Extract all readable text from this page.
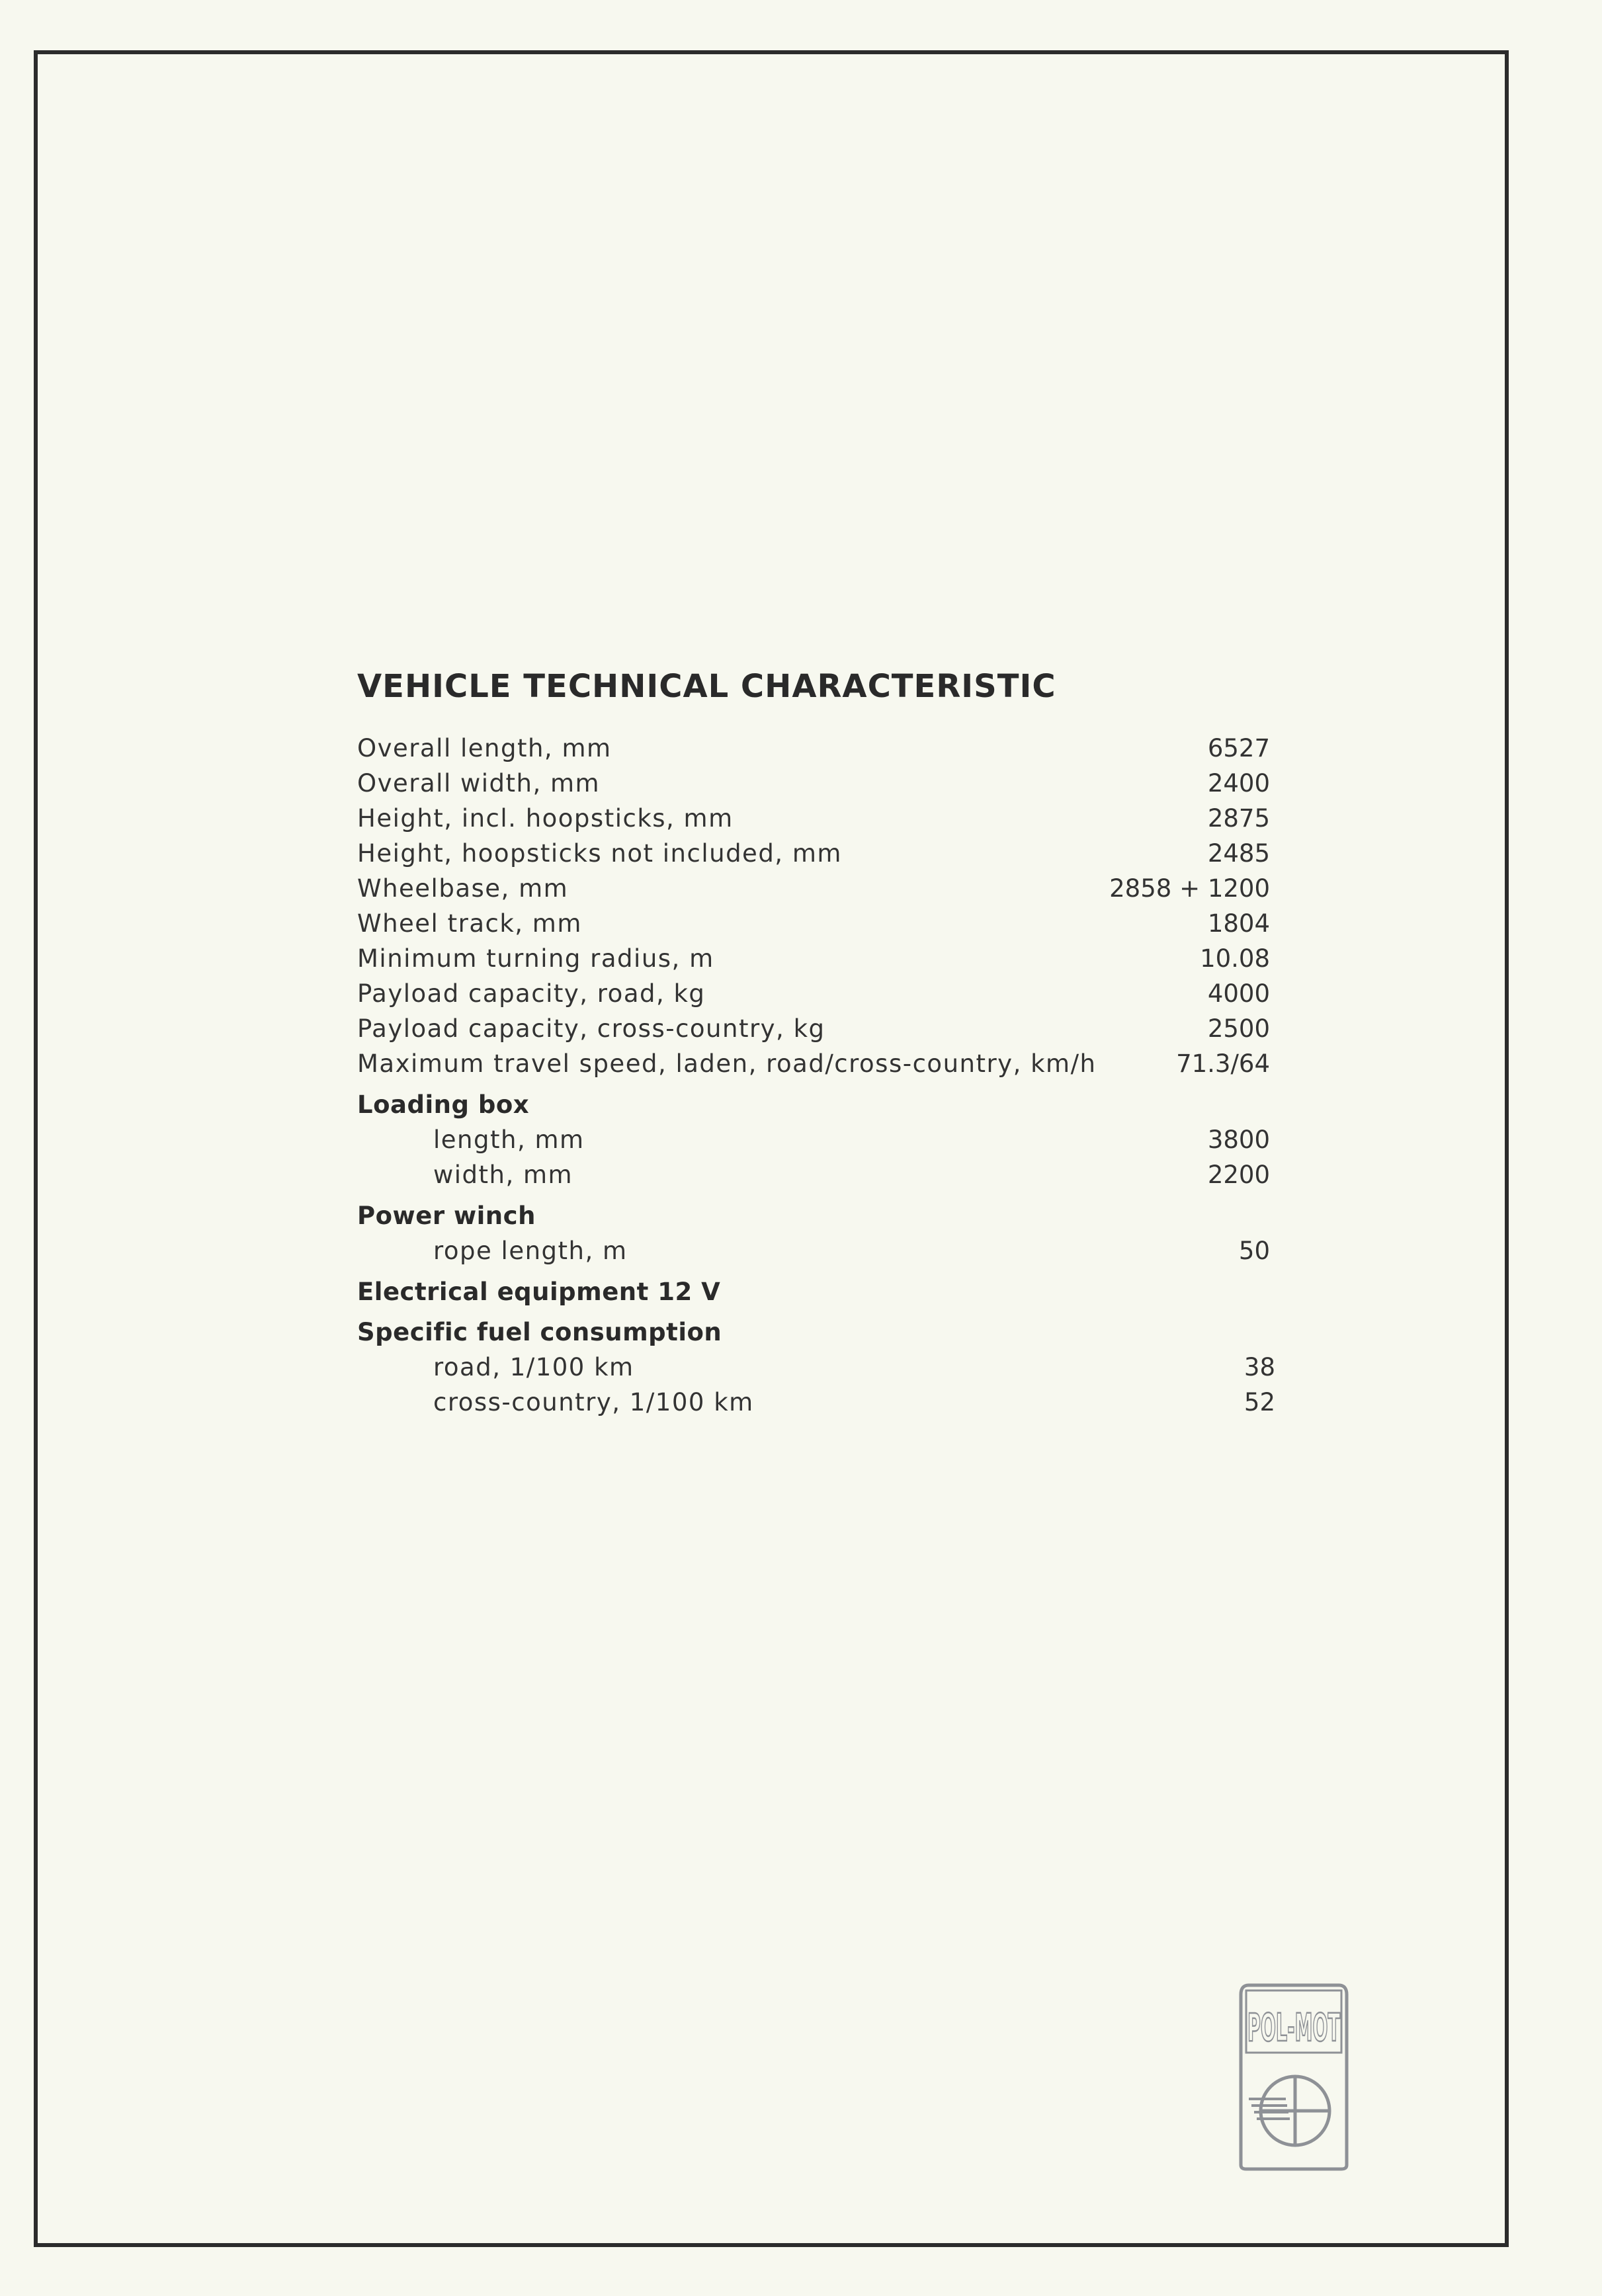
VEHICLE TECHNICAL CHARACTERISTIC
Overall length, mm	6527
Overall width, mm	2400
Height, incl. hoopsticks, mm	2875
Height, hoopsticks not included, mm	2485
Wheelbase, mm	2858 + 1200
Wheel track, mm	1804
Minimum turning radius, m	10.08
Payload capacity, road, kg	4000
Payload capacity, cross-country, kg	2500
Maximum travel speed, laden, road/cross-country, km/h	71.3/64
Loading box
length, mm	3800
width, mm	2200
Power winch
rope length, m	50
Electrical equipment 12 V
Specific fuel consumption
road, 1/100 km	38
cross-country, 1/100 km	52
POL-MOT
